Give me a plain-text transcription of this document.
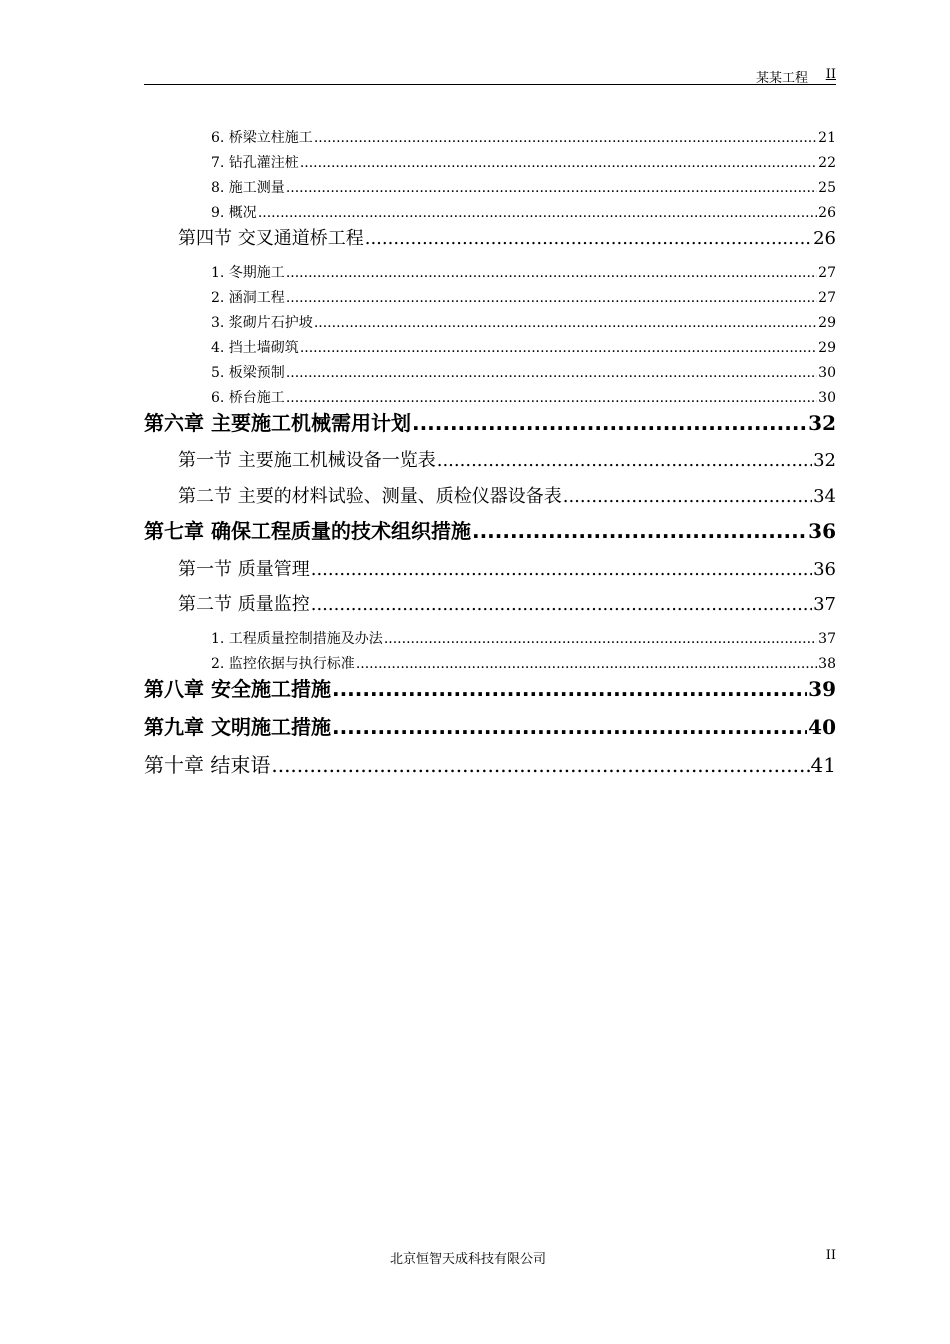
某某工程 II
6. 桥梁立柱施工 .....	21
7. 钻孔灌注桩 .....	22
8. 施工测量 .....	25
9. 概况 .....	26
第四节 交叉通道桥工程 .....	26
1. 冬期施工 .....	27
2. 涵洞工程 .....	27
3. 浆砌片石护坡 .....	29
4. 挡土墙砌筑 .....	29
5. 板梁预制 .....	30
6. 桥台施工 .....	30
第六章 主要施工机械需用计划 .....	32
第一节 主要施工机械设备一览表 .....	32
第二节 主要的材料试验、测量、质检仪器设备表 .....	34
第七章 确保工程质量的技术组织措施 .....	36
第一节 质量管理 .....	36
第二节 质量监控 .....	37
1. 工程质量控制措施及办法 .....	37
2. 监控依据与执行标准 .....	38
第八章 安全施工措施 .....	39
第九章 文明施工措施 .....	40
第十章 结束语 .....	41
北京恒智天成科技有限公司	II
